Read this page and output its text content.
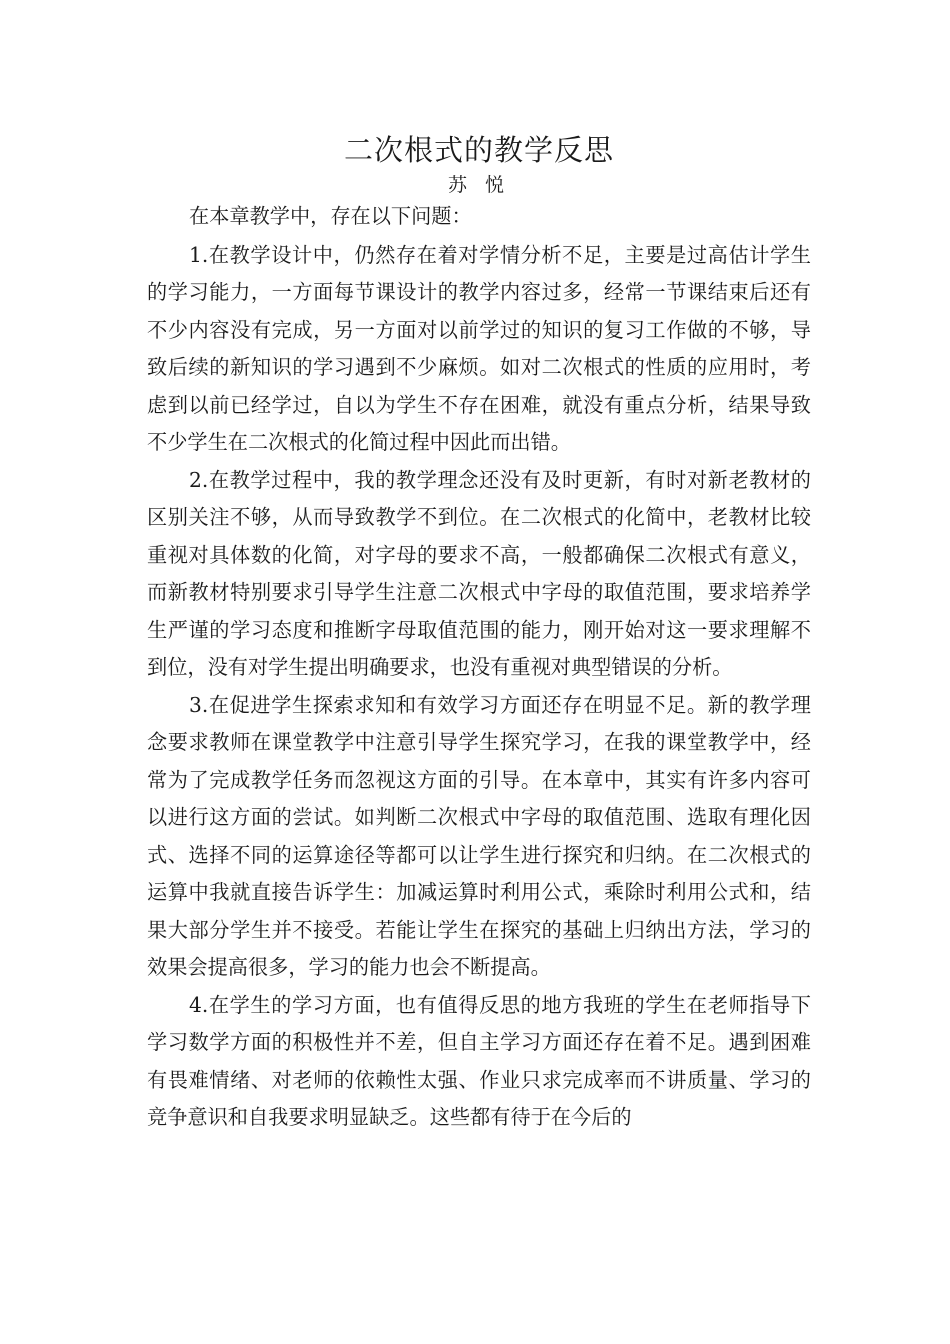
二次根式的教学反思

苏 悦

在本章教学中，存在以下问题：

1.在教学设计中，仍然存在着对学情分析不足，主要是过高估计学生的学习能力，一方面每节课设计的教学内容过多，经常一节课结束后还有不少内容没有完成，另一方面对以前学过的知识的复习工作做的不够，导致后续的新知识的学习遇到不少麻烦。如对二次根式的性质的应用时，考虑到以前已经学过，自以为学生不存在困难，就没有重点分析，结果导致不少学生在二次根式的化简过程中因此而出错。

2.在教学过程中，我的教学理念还没有及时更新，有时对新老教材的区别关注不够，从而导致教学不到位。在二次根式的化简中，老教材比较重视对具体数的化简，对字母的要求不高，一般都确保二次根式有意义，而新教材特别要求引导学生注意二次根式中字母的取值范围，要求培养学生严谨的学习态度和推断字母取值范围的能力，刚开始对这一要求理解不到位，没有对学生提出明确要求，也没有重视对典型错误的分析。

3.在促进学生探索求知和有效学习方面还存在明显不足。新的教学理念要求教师在课堂教学中注意引导学生探究学习，在我的课堂教学中，经常为了完成教学任务而忽视这方面的引导。在本章中，其实有许多内容可以进行这方面的尝试。如判断二次根式中字母的取值范围、选取有理化因式、选择不同的运算途径等都可以让学生进行探究和归纳。在二次根式的运算中我就直接告诉学生：加减运算时利用公式，乘除时利用公式和，结果大部分学生并不接受。若能让学生在探究的基础上归纳出方法，学习的效果会提高很多，学习的能力也会不断提高。

4.在学生的学习方面，也有值得反思的地方我班的学生在老师指导下学习数学方面的积极性并不差，但自主学习方面还存在着不足。遇到困难有畏难情绪、对老师的依赖性太强、作业只求完成率而不讲质量、学习的竞争意识和自我要求明显缺乏。这些都有待于在今后的
